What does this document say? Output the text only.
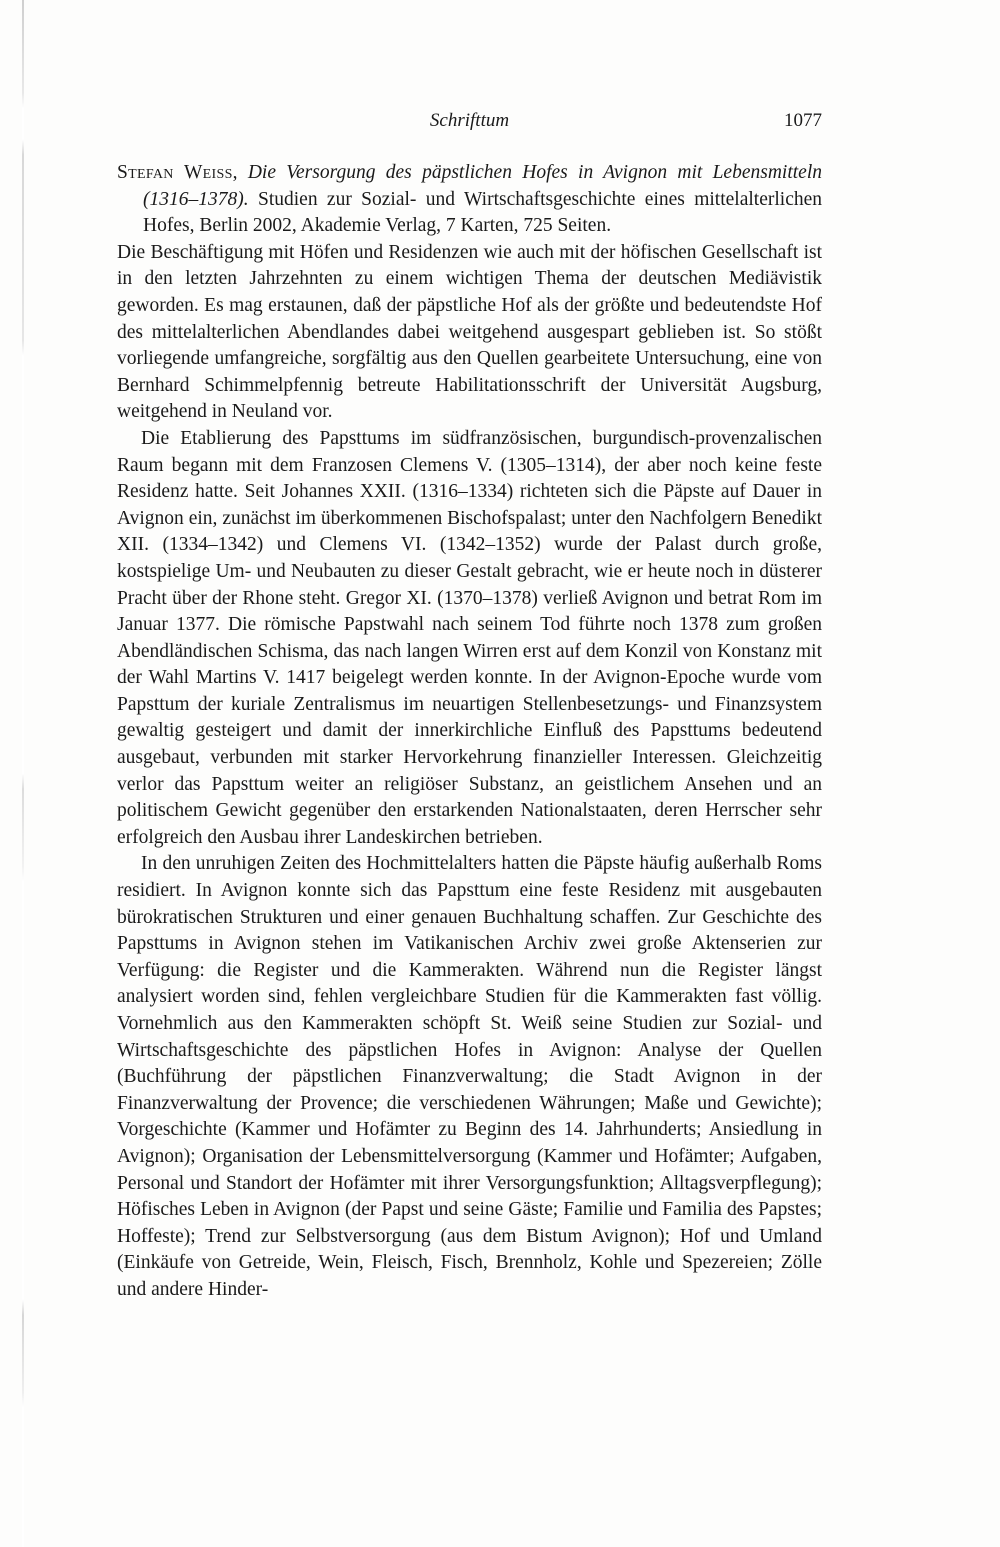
Schrifttum	1077

Stefan Weiss, Die Versorgung des päpstlichen Hofes in Avignon mit Lebensmitteln (1316–1378). Studien zur Sozial- und Wirtschaftsgeschichte eines mittelalterlichen Hofes, Berlin 2002, Akademie Verlag, 7 Karten, 725 Seiten.

Die Beschäftigung mit Höfen und Residenzen wie auch mit der höfischen Gesellschaft ist in den letzten Jahrzehnten zu einem wichtigen Thema der deutschen Mediävistik geworden. Es mag erstaunen, daß der päpstliche Hof als der größte und bedeutendste Hof des mittelalterlichen Abendlandes dabei weitgehend ausgespart geblieben ist. So stößt vorliegende umfangreiche, sorgfältig aus den Quellen gearbeitete Untersuchung, eine von Bernhard Schimmelpfennig betreute Habilitationsschrift der Universität Augsburg, weitgehend in Neuland vor.

Die Etablierung des Papsttums im südfranzösischen, burgundisch-provenzalischen Raum begann mit dem Franzosen Clemens V. (1305–1314), der aber noch keine feste Residenz hatte. Seit Johannes XXII. (1316–1334) richteten sich die Päpste auf Dauer in Avignon ein, zunächst im überkommenen Bischofspalast; unter den Nachfolgern Benedikt XII. (1334–1342) und Clemens VI. (1342–1352) wurde der Palast durch große, kostspielige Um- und Neubauten zu dieser Gestalt gebracht, wie er heute noch in düsterer Pracht über der Rhone steht. Gregor XI. (1370–1378) verließ Avignon und betrat Rom im Januar 1377. Die römische Papstwahl nach seinem Tod führte noch 1378 zum großen Abendländischen Schisma, das nach langen Wirren erst auf dem Konzil von Konstanz mit der Wahl Martins V. 1417 beigelegt werden konnte. In der Avignon-Epoche wurde vom Papsttum der kuriale Zentralismus im neuartigen Stellenbesetzungs- und Finanzsystem gewaltig gesteigert und damit der innerkirchliche Einfluß des Papsttums bedeutend ausgebaut, verbunden mit starker Hervorkehrung finanzieller Interessen. Gleichzeitig verlor das Papsttum weiter an religiöser Substanz, an geistlichem Ansehen und an politischem Gewicht gegenüber den erstarkenden Nationalstaaten, deren Herrscher sehr erfolgreich den Ausbau ihrer Landeskirchen betrieben.

In den unruhigen Zeiten des Hochmittelalters hatten die Päpste häufig außerhalb Roms residiert. In Avignon konnte sich das Papsttum eine feste Residenz mit ausgebauten bürokratischen Strukturen und einer genauen Buchhaltung schaffen. Zur Geschichte des Papsttums in Avignon stehen im Vatikanischen Archiv zwei große Aktenserien zur Verfügung: die Register und die Kammerakten. Während nun die Register längst analysiert worden sind, fehlen vergleichbare Studien für die Kammerakten fast völlig. Vornehmlich aus den Kammerakten schöpft St. Weiß seine Studien zur Sozial- und Wirtschaftsgeschichte des päpstlichen Hofes in Avignon: Analyse der Quellen (Buchführung der päpstlichen Finanzverwaltung; die Stadt Avignon in der Finanzverwaltung der Provence; die verschiedenen Währungen; Maße und Gewichte); Vorgeschichte (Kammer und Hofämter zu Beginn des 14. Jahrhunderts; Ansiedlung in Avignon); Organisation der Lebensmittelversorgung (Kammer und Hofämter; Aufgaben, Personal und Standort der Hofämter mit ihrer Versorgungsfunktion; Alltagsverpflegung); Höfisches Leben in Avignon (der Papst und seine Gäste; Familie und Familia des Papstes; Hoffeste); Trend zur Selbstversorgung (aus dem Bistum Avignon); Hof und Umland (Einkäufe von Getreide, Wein, Fleisch, Fisch, Brennholz, Kohle und Spezereien; Zölle und andere Hinder-
